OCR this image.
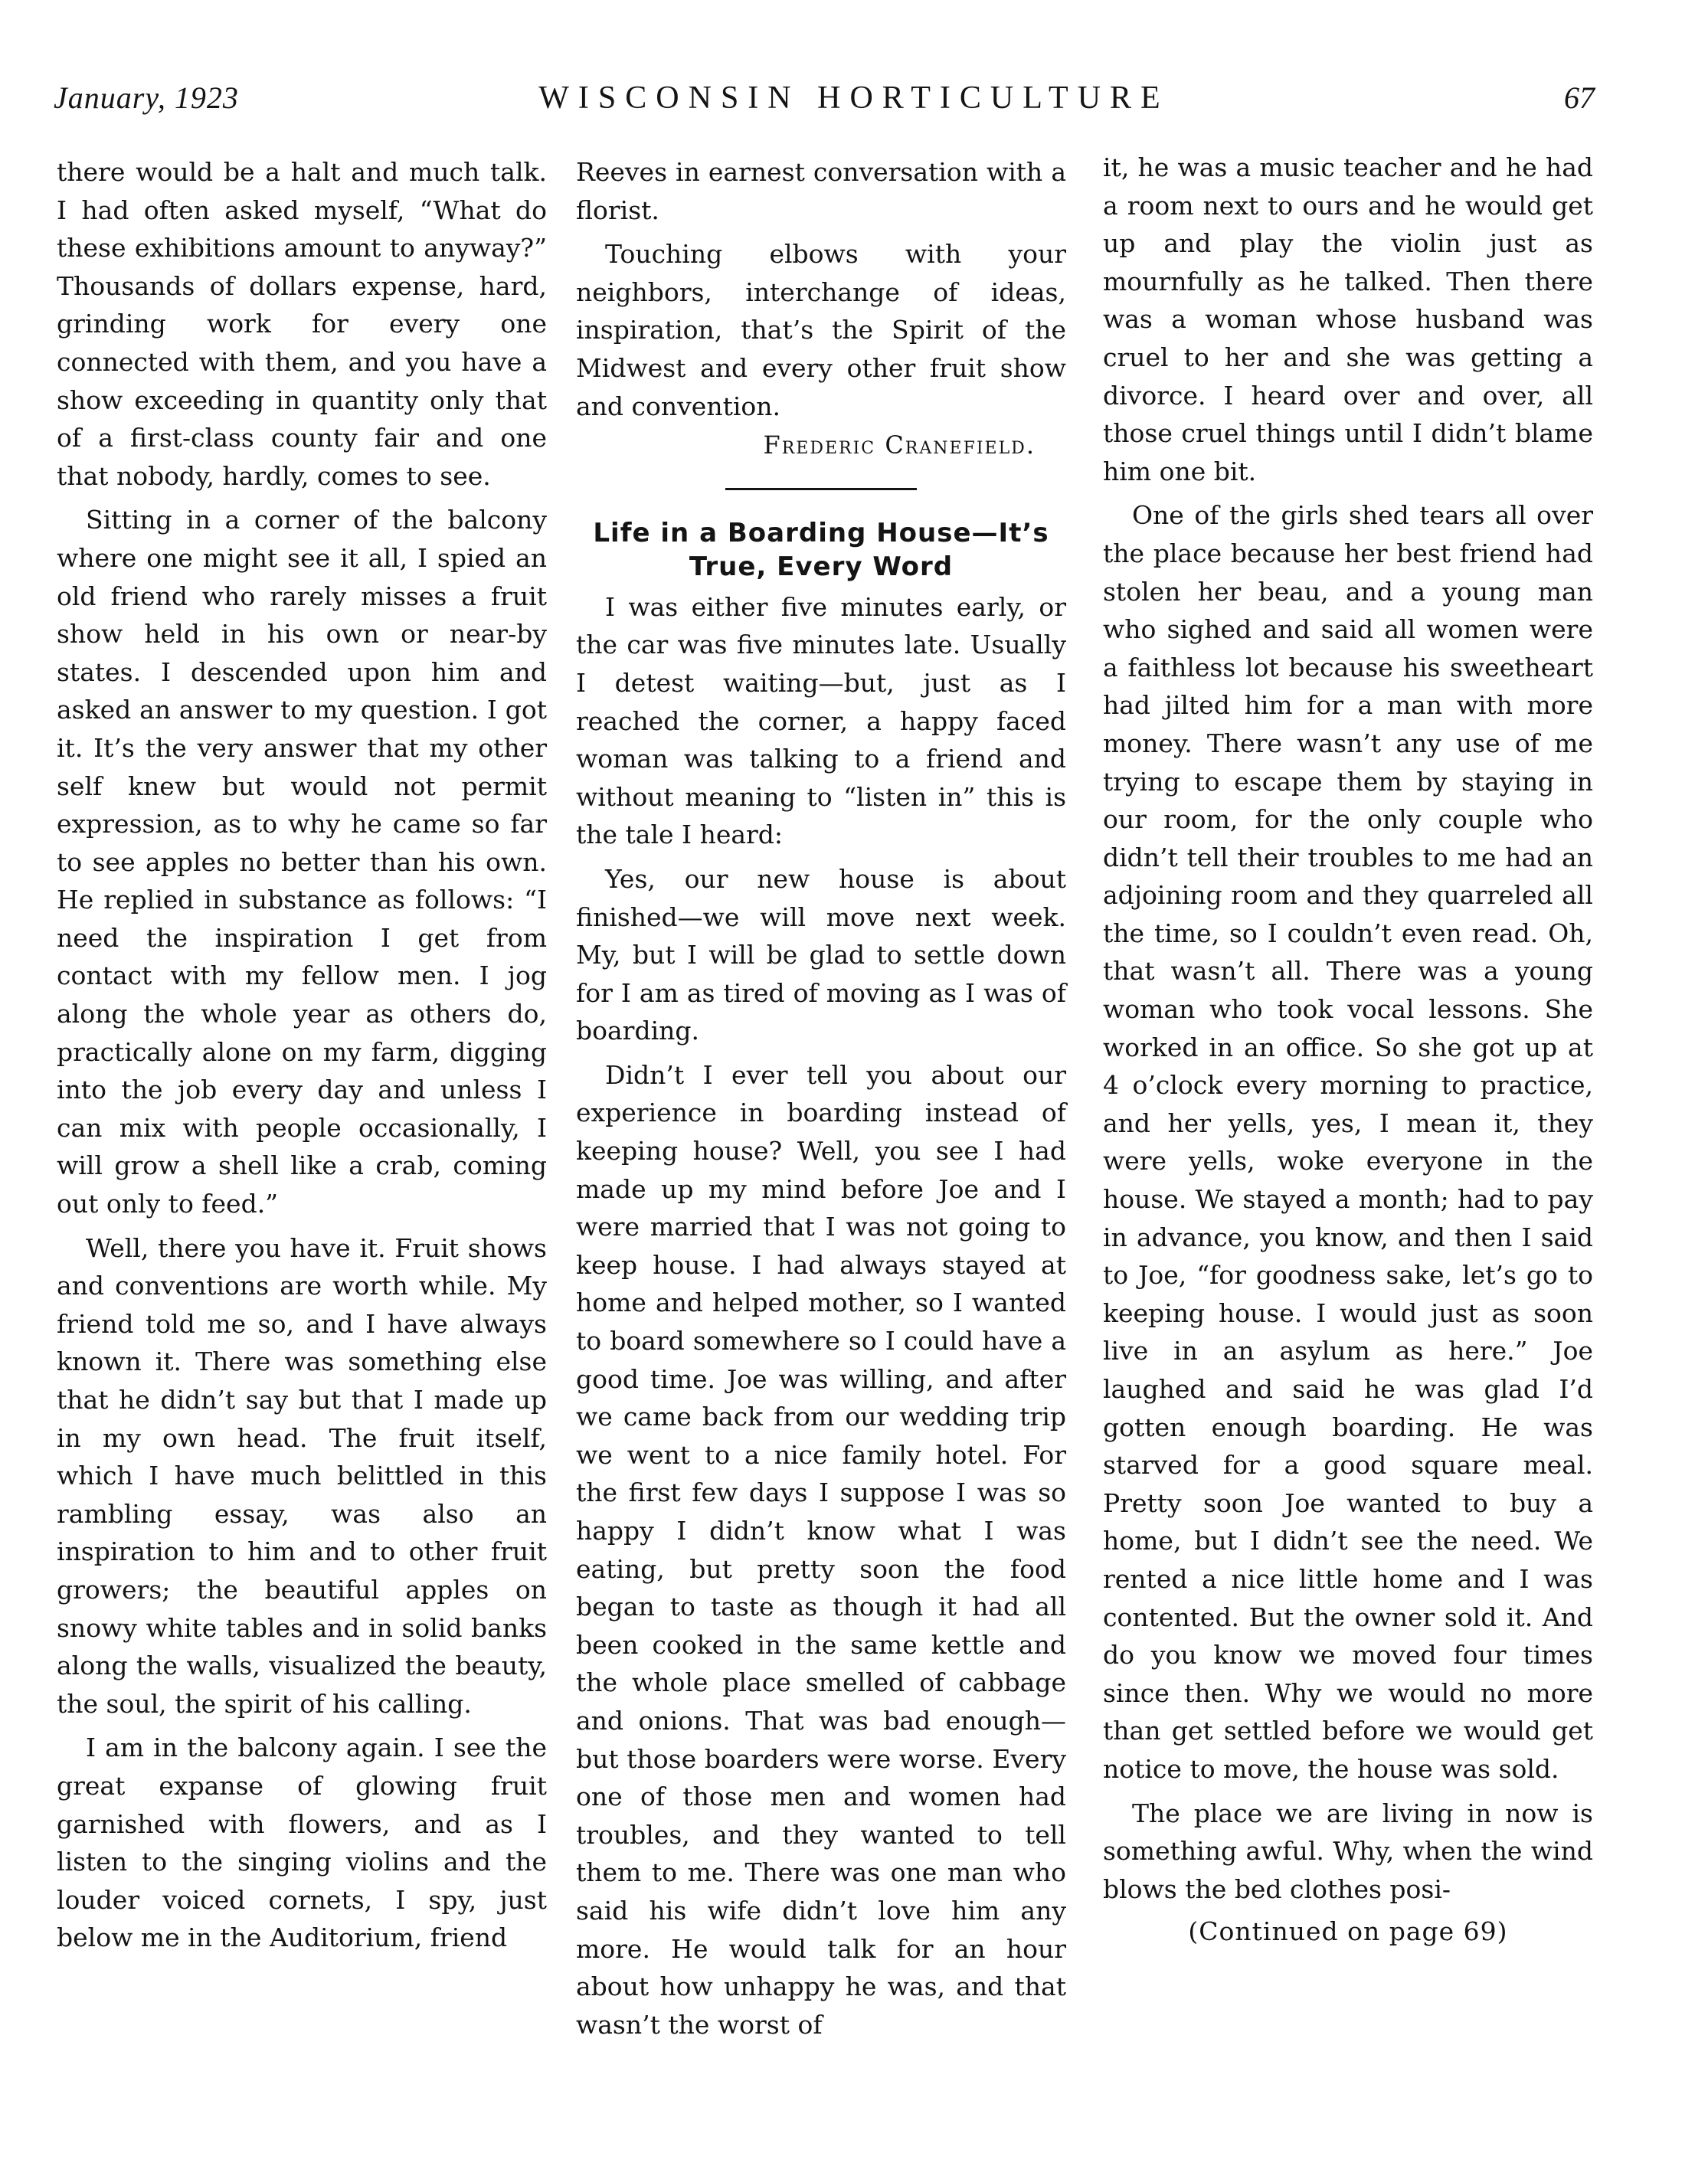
January, 1923	WISCONSIN HORTICULTURE	67

there would be a halt and much talk. I had often asked myself, “What do these exhibitions amount to anyway?” Thousands of dollars expense, hard, grinding work for every one connected with them, and you have a show exceeding in quantity only that of a first-class county fair and one that nobody, hardly, comes to see.

Sitting in a corner of the balcony where one might see it all, I spied an old friend who rarely misses a fruit show held in his own or near-by states. I descended upon him and asked an answer to my question. I got it. It’s the very answer that my other self knew but would not permit expression, as to why he came so far to see apples no better than his own. He replied in substance as follows: “I need the inspiration I get from contact with my fellow men. I jog along the whole year as others do, practically alone on my farm, digging into the job every day and unless I can mix with people occasionally, I will grow a shell like a crab, coming out only to feed.”

Well, there you have it. Fruit shows and conventions are worth while. My friend told me so, and I have always known it. There was something else that he didn’t say but that I made up in my own head. The fruit itself, which I have much belittled in this rambling essay, was also an inspiration to him and to other fruit growers; the beautiful apples on snowy white tables and in solid banks along the walls, visualized the beauty, the soul, the spirit of his calling.

I am in the balcony again. I see the great expanse of glowing fruit garnished with flowers, and as I listen to the singing violins and the louder voiced cornets, I spy, just below me in the Auditorium, friend

Reeves in earnest conversation with a florist.

Touching elbows with your neighbors, interchange of ideas, inspiration, that’s the Spirit of the Midwest and every other fruit show and convention.

Frederic Cranefield.

Life in a Boarding House—It’s True, Every Word

I was either five minutes early, or the car was five minutes late. Usually I detest waiting—but, just as I reached the corner, a happy faced woman was talking to a friend and without meaning to “listen in” this is the tale I heard:

Yes, our new house is about finished—we will move next week. My, but I will be glad to settle down for I am as tired of moving as I was of boarding.

Didn’t I ever tell you about our experience in boarding instead of keeping house? Well, you see I had made up my mind before Joe and I were married that I was not going to keep house. I had always stayed at home and helped mother, so I wanted to board somewhere so I could have a good time. Joe was willing, and after we came back from our wedding trip we went to a nice family hotel. For the first few days I suppose I was so happy I didn’t know what I was eating, but pretty soon the food began to taste as though it had all been cooked in the same kettle and the whole place smelled of cabbage and onions. That was bad enough—but those boarders were worse. Every one of those men and women had troubles, and they wanted to tell them to me. There was one man who said his wife didn’t love him any more. He would talk for an hour about how unhappy he was, and that wasn’t the worst of

it, he was a music teacher and he had a room next to ours and he would get up and play the violin just as mournfully as he talked. Then there was a woman whose husband was cruel to her and she was getting a divorce. I heard over and over, all those cruel things until I didn’t blame him one bit.

One of the girls shed tears all over the place because her best friend had stolen her beau, and a young man who sighed and said all women were a faithless lot because his sweetheart had jilted him for a man with more money. There wasn’t any use of me trying to escape them by staying in our room, for the only couple who didn’t tell their troubles to me had an adjoining room and they quarreled all the time, so I couldn’t even read. Oh, that wasn’t all. There was a young woman who took vocal lessons. She worked in an office. So she got up at 4 o’clock every morning to practice, and her yells, yes, I mean it, they were yells, woke everyone in the house. We stayed a month; had to pay in advance, you know, and then I said to Joe, “for goodness sake, let’s go to keeping house. I would just as soon live in an asylum as here.” Joe laughed and said he was glad I’d gotten enough boarding. He was starved for a good square meal. Pretty soon Joe wanted to buy a home, but I didn’t see the need. We rented a nice little home and I was contented. But the owner sold it. And do you know we moved four times since then. Why we would no more than get settled before we would get notice to move, the house was sold.

The place we are living in now is something awful. Why, when the wind blows the bed clothes posi-

(Continued on page 69)
